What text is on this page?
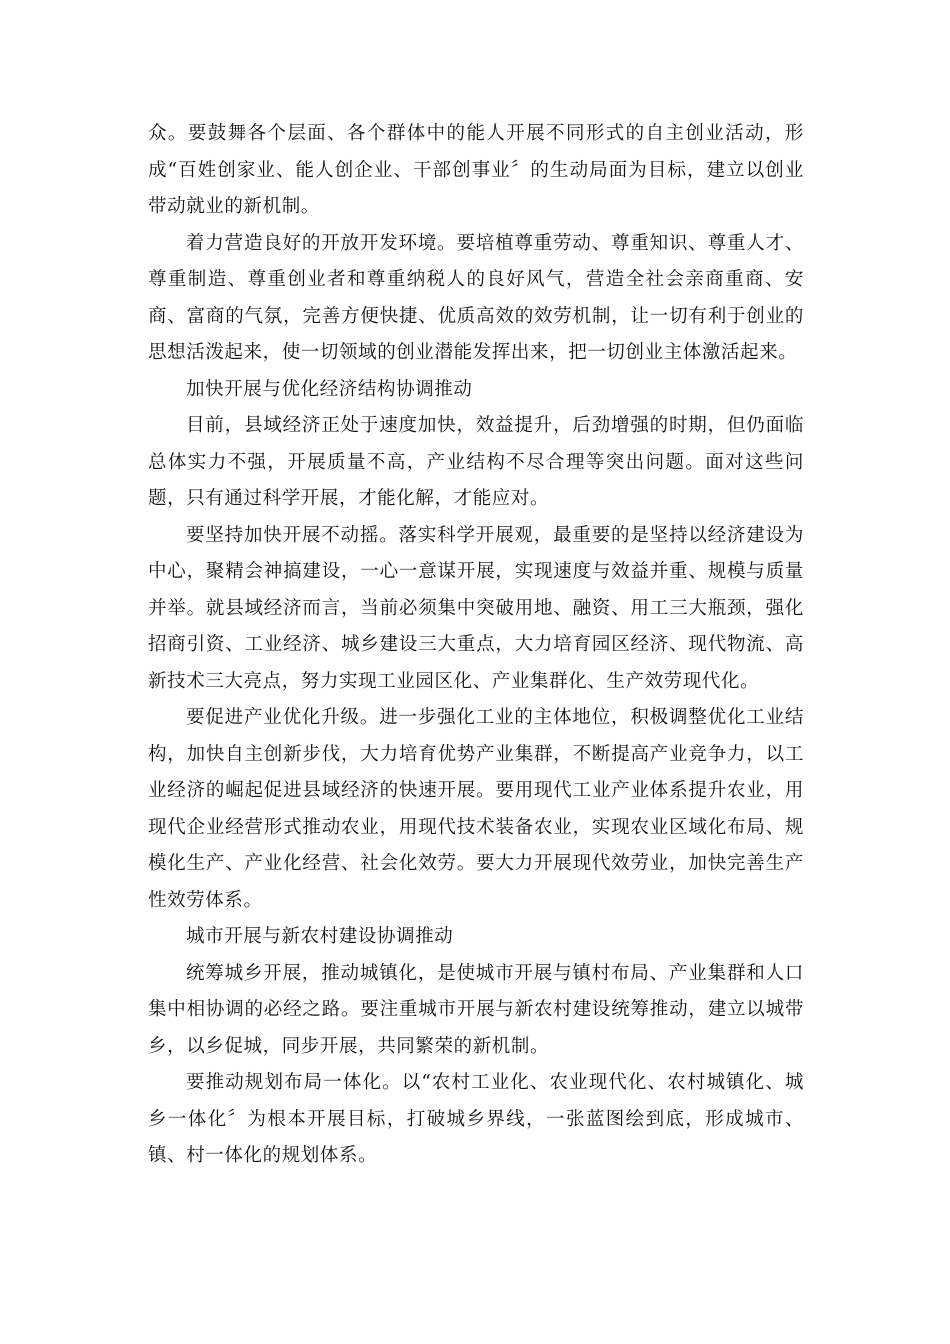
众。要鼓舞各个层面、各个群体中的能人开展不同形式的自主创业活动，形成“百姓创家业、能人创企业、干部创事业〞的生动局面为目标，建立以创业带动就业的新机制。

着力营造良好的开放开发环境。要培植尊重劳动、尊重知识、尊重人才、尊重制造、尊重创业者和尊重纳税人的良好风气，营造全社会亲商重商、安商、富商的气氛，完善方便快捷、优质高效的效劳机制，让一切有利于创业的思想活泼起来，使一切领域的创业潜能发挥出来，把一切创业主体激活起来。

加快开展与优化经济结构协调推动

目前，县域经济正处于速度加快，效益提升，后劲增强的时期，但仍面临总体实力不强，开展质量不高，产业结构不尽合理等突出问题。面对这些问题，只有通过科学开展，才能化解，才能应对。

要坚持加快开展不动摇。落实科学开展观，最重要的是坚持以经济建设为中心，聚精会神搞建设，一心一意谋开展，实现速度与效益并重、规模与质量并举。就县域经济而言，当前必须集中突破用地、融资、用工三大瓶颈，强化招商引资、工业经济、城乡建设三大重点，大力培育园区经济、现代物流、高新技术三大亮点，努力实现工业园区化、产业集群化、生产效劳现代化。

要促进产业优化升级。进一步强化工业的主体地位，积极调整优化工业结构，加快自主创新步伐，大力培育优势产业集群，不断提高产业竞争力，以工业经济的崛起促进县域经济的快速开展。要用现代工业产业体系提升农业，用现代企业经营形式推动农业，用现代技术装备农业，实现农业区域化布局、规模化生产、产业化经营、社会化效劳。要大力开展现代效劳业，加快完善生产性效劳体系。

城市开展与新农村建设协调推动

统筹城乡开展，推动城镇化，是使城市开展与镇村布局、产业集群和人口集中相协调的必经之路。要注重城市开展与新农村建设统筹推动，建立以城带乡，以乡促城，同步开展，共同繁荣的新机制。

要推动规划布局一体化。以“农村工业化、农业现代化、农村城镇化、城乡一体化〞为根本开展目标，打破城乡界线，一张蓝图绘到底，形成城市、镇、村一体化的规划体系。
